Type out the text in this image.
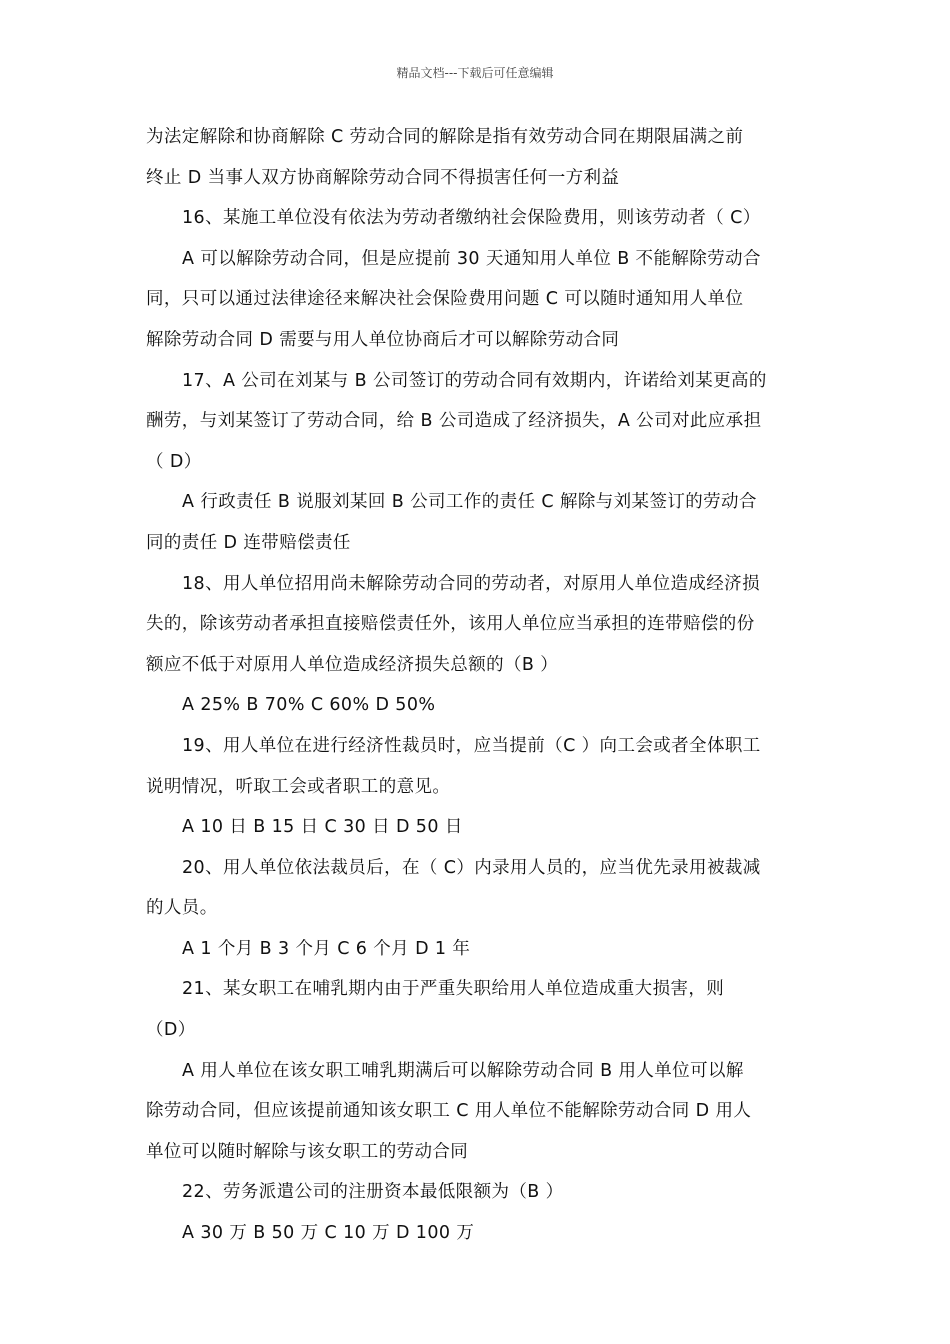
精品文档---下载后可任意编辑
为法定解除和协商解除 C 劳动合同的解除是指有效劳动合同在期限届满之前
终止 D 当事人双方协商解除劳动合同不得损害任何一方利益
16、某施工单位没有依法为劳动者缴纳社会保险费用，则该劳动者（ C）
A 可以解除劳动合同，但是应提前 30 天通知用人单位 B 不能解除劳动合
同，只可以通过法律途径来解决社会保险费用问题 C 可以随时通知用人单位
解除劳动合同 D 需要与用人单位协商后才可以解除劳动合同
17、A 公司在刘某与 B 公司签订的劳动合同有效期内，许诺给刘某更高的
酬劳，与刘某签订了劳动合同，给 B 公司造成了经济损失，A 公司对此应承担
（ D）
A 行政责任 B 说服刘某回 B 公司工作的责任 C 解除与刘某签订的劳动合
同的责任 D 连带赔偿责任
18、用人单位招用尚未解除劳动合同的劳动者，对原用人单位造成经济损
失的，除该劳动者承担直接赔偿责任外，该用人单位应当承担的连带赔偿的份
额应不低于对原用人单位造成经济损失总额的（B ）
A 25% B 70% C 60% D 50%
19、用人单位在进行经济性裁员时，应当提前（C ）向工会或者全体职工
说明情况，听取工会或者职工的意见。
A 10 日 B 15 日 C 30 日 D 50 日
20、用人单位依法裁员后，在（ C）内录用人员的，应当优先录用被裁减
的人员。
A 1 个月 B 3 个月 C 6 个月 D 1 年
21、某女职工在哺乳期内由于严重失职给用人单位造成重大损害，则
（D）
A 用人单位在该女职工哺乳期满后可以解除劳动合同 B 用人单位可以解
除劳动合同，但应该提前通知该女职工 C 用人单位不能解除劳动合同 D 用人
单位可以随时解除与该女职工的劳动合同
22、劳务派遣公司的注册资本最低限额为（B ）
A 30 万 B 50 万 C 10 万 D 100 万
